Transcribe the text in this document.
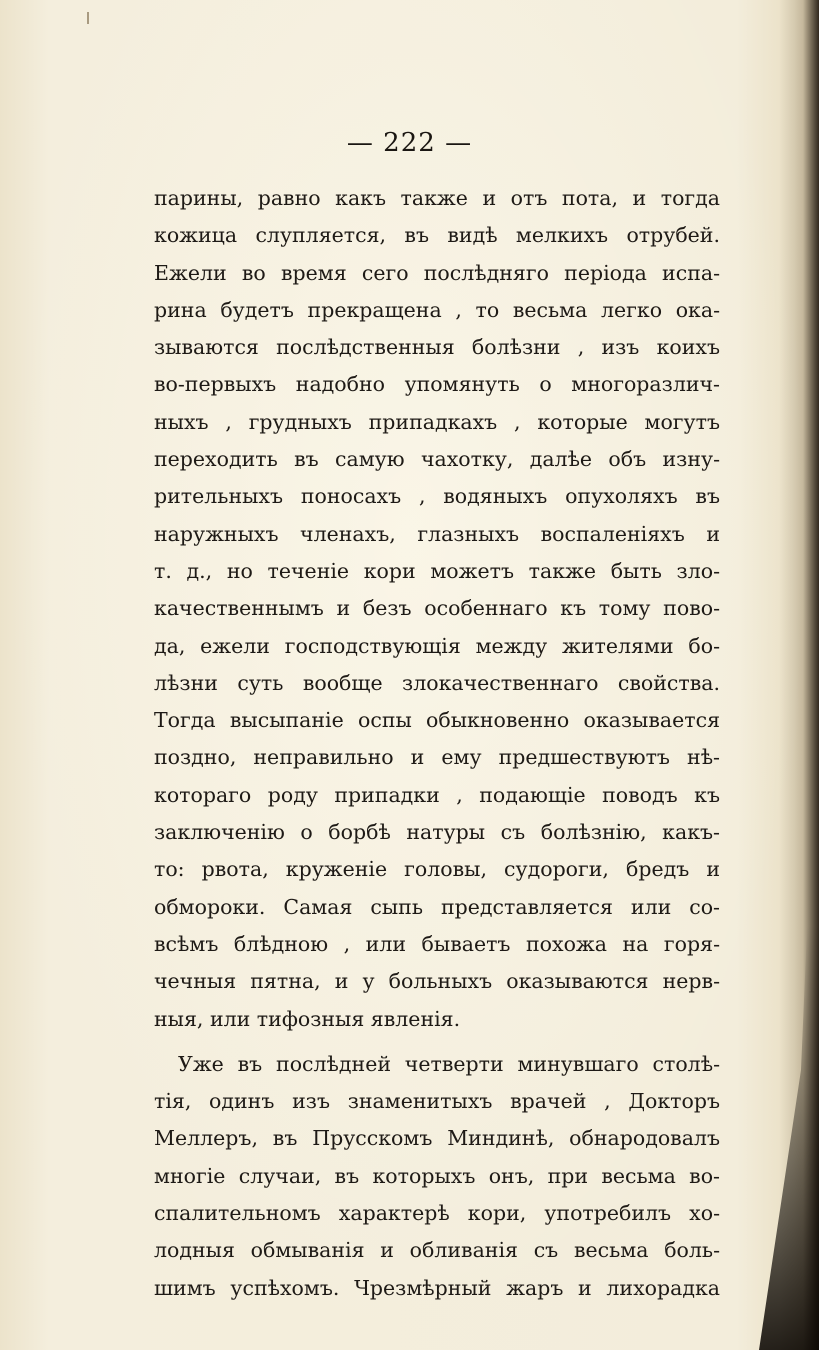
— 222 —
парины, равно какъ также и отъ пота, и тогда
кожица слупляется, въ видѣ мелкихъ отрубей.
Ежели во время сего послѣдняго періода испа-
рина будетъ прекращена , то весьма легко ока-
зываются послѣдственныя болѣзни , изъ коихъ
во-первыхъ надобно упомянуть о многоразлич-
ныхъ , грудныхъ припадкахъ , которые могутъ
переходить въ самую чахотку, далѣе объ изну-
рительныхъ поносахъ , водяныхъ опухоляхъ въ
наружныхъ членахъ, глазныхъ воспаленіяхъ и
т. д., но теченіе кори можетъ также быть зло-
качественнымъ и безъ особеннаго къ тому пово-
да, ежели господствующія между жителями бо-
лѣзни суть вообще злокачественнаго свойства.
Тогда высыпаніе оспы обыкновенно оказывается
поздно, неправильно и ему предшествуютъ нѣ-
котораго роду припадки , подающіе поводъ къ
заключенію о борбѣ натуры съ болѣзнію, какъ-
то: рвота, круженіе головы, судороги, бредъ и
обмороки. Самая сыпь представляется или со-
всѣмъ блѣдною , или бываетъ похожа на горя-
чечныя пятна, и у больныхъ оказываются нерв-
ныя, или тифозныя явленія.
Уже въ послѣдней четверти минувшаго столѣ-
тія, одинъ изъ знаменитыхъ врачей , Докторъ
Меллеръ, въ Прусскомъ Миндинѣ, обнародовалъ
многіе случаи, въ которыхъ онъ, при весьма во-
спалительномъ характерѣ кори, употребилъ хо-
лодныя обмыванія и обливанія съ весьма боль-
шимъ успѣхомъ. Чрезмѣрный жаръ и лихорадка
